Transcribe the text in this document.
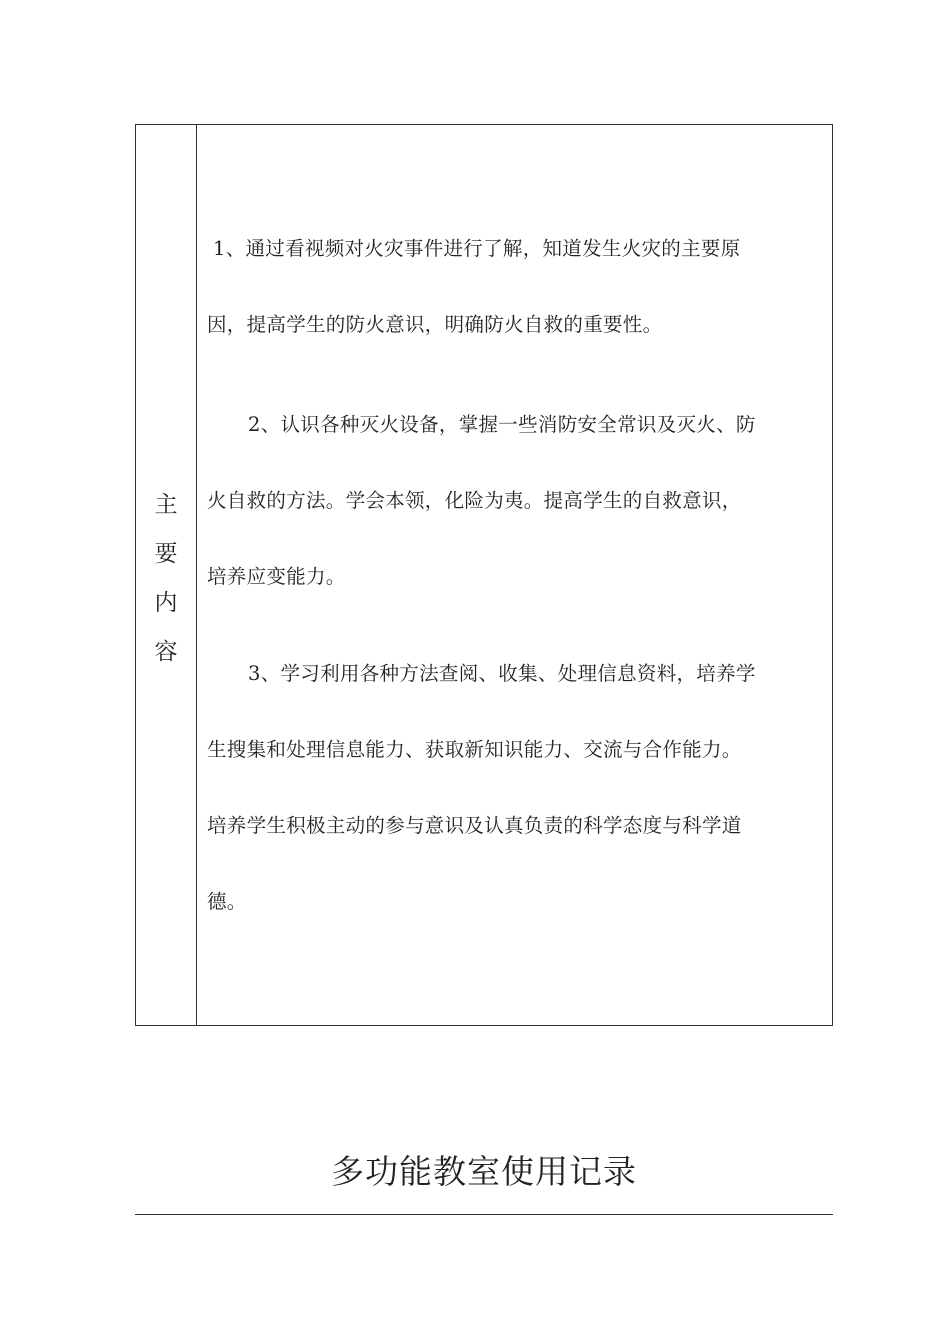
主
要
内
容

1、通过看视频对火灾事件进行了解，知道发生火灾的主要原
因，提高学生的防火意识，明确防火自救的重要性。

2、认识各种灭火设备，掌握一些消防安全常识及灭火、防
火自救的方法。学会本领，化险为夷。提高学生的自救意识，
培养应变能力。

3、学习利用各种方法查阅、收集、处理信息资料，培养学
生搜集和处理信息能力、获取新知识能力、交流与合作能力。
培养学生积极主动的参与意识及认真负责的科学态度与科学道
德。

多功能教室使用记录
